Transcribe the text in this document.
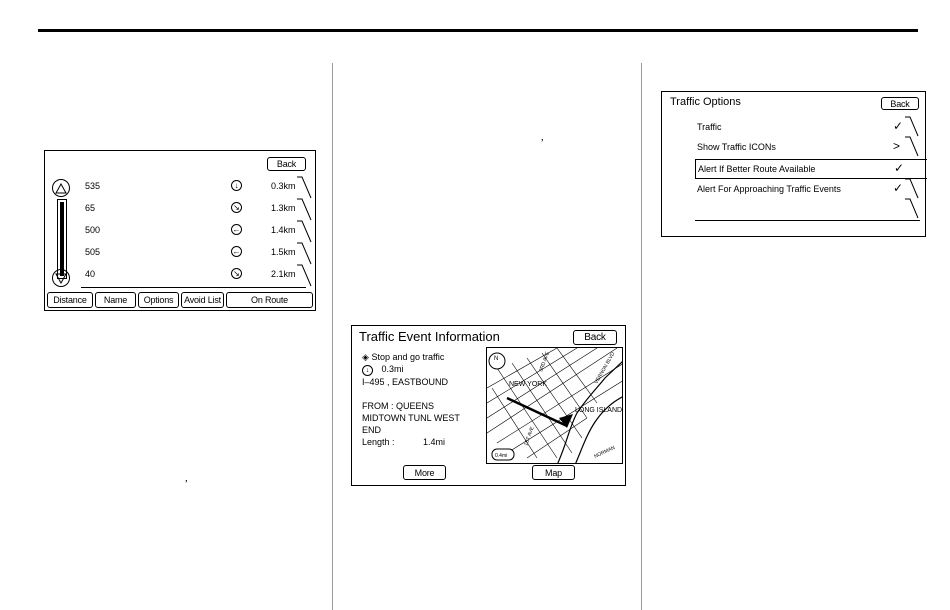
,
,
Back
535	↓	0.3km
65	↘	1.3km
500	←	1.4km
505	←	1.5km
40	↘	2.1km
Distance	Name	Options	Avoid List	On Route
Traffic Event Information	Back
◈ Stop and go traffic
↓ 0.3mi
I–495 , EASTBOUND
FROM : QUEENS
MIDTOWN TUNL WEST
END
Length :	1.4mi
N
NEW YORK
LONG ISLAND
VERNON BLVD
NORMAN
3RD AVE
1ST AVE
0.4mi
More	Map
Traffic Options	Back
Traffic	✓
Show Traffic ICONs	>
Alert If Better Route Available	✓
Alert For Approaching Traffic Events	✓
